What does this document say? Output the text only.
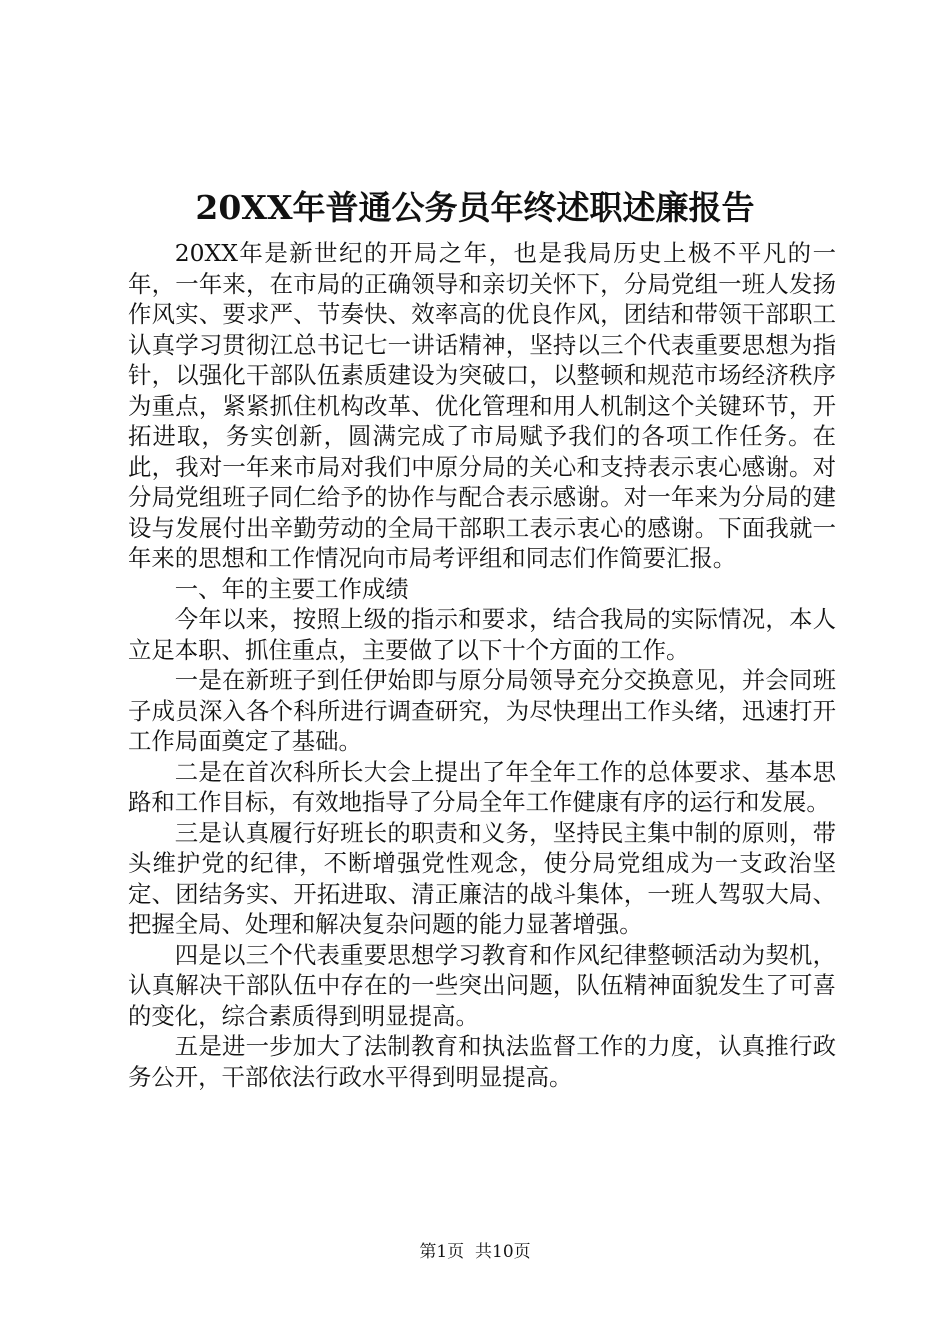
20XX年普通公务员年终述职述廉报告

20XX年是新世纪的开局之年，也是我局历史上极不平凡的一年，一年来，在市局的正确领导和亲切关怀下，分局党组一班人发扬作风实、要求严、节奏快、效率高的优良作风，团结和带领干部职工认真学习贯彻江总书记七一讲话精神，坚持以三个代表重要思想为指针，以强化干部队伍素质建设为突破口，以整顿和规范市场经济秩序为重点，紧紧抓住机构改革、优化管理和用人机制这个关键环节，开拓进取，务实创新，圆满完成了市局赋予我们的各项工作任务。在此，我对一年来市局对我们中原分局的关心和支持表示衷心感谢。对分局党组班子同仁给予的协作与配合表示感谢。对一年来为分局的建设与发展付出辛勤劳动的全局干部职工表示衷心的感谢。下面我就一年来的思想和工作情况向市局考评组和同志们作简要汇报。

一、年的主要工作成绩

今年以来，按照上级的指示和要求，结合我局的实际情况，本人立足本职、抓住重点，主要做了以下十个方面的工作。

一是在新班子到任伊始即与原分局领导充分交换意见，并会同班子成员深入各个科所进行调查研究，为尽快理出工作头绪，迅速打开工作局面奠定了基础。

二是在首次科所长大会上提出了年全年工作的总体要求、基本思路和工作目标，有效地指导了分局全年工作健康有序的运行和发展。

三是认真履行好班长的职责和义务，坚持民主集中制的原则，带头维护党的纪律，不断增强党性观念，使分局党组成为一支政治坚定、团结务实、开拓进取、清正廉洁的战斗集体，一班人驾驭大局、把握全局、处理和解决复杂问题的能力显著增强。

四是以三个代表重要思想学习教育和作风纪律整顿活动为契机，认真解决干部队伍中存在的一些突出问题，队伍精神面貌发生了可喜的变化，综合素质得到明显提高。

五是进一步加大了法制教育和执法监督工作的力度，认真推行政务公开，干部依法行政水平得到明显提高。

第1页 共10页
